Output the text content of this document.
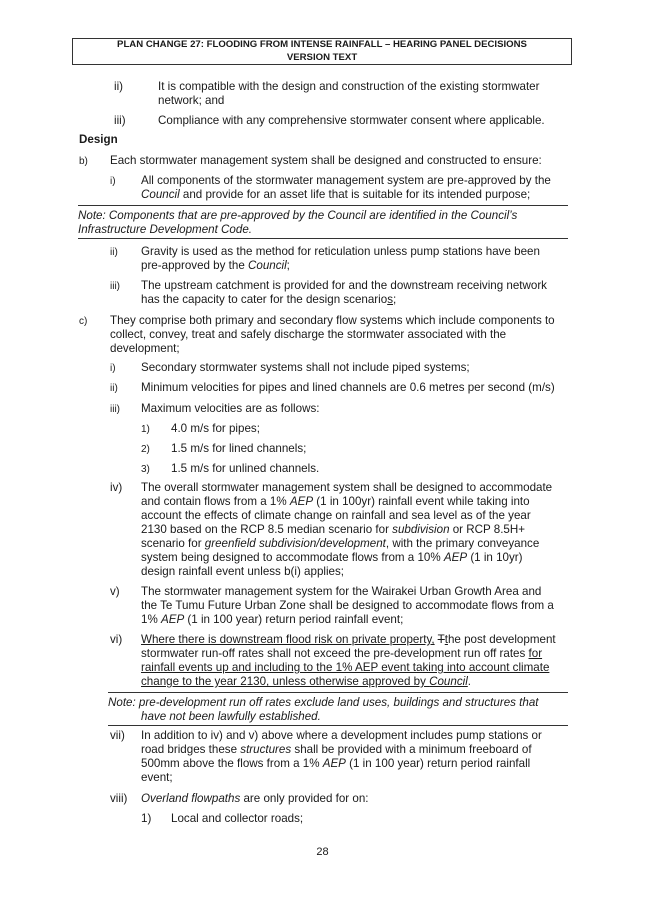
PLAN CHANGE 27: FLOODING FROM INTENSE RAINFALL – HEARING PANEL DECISIONS
VERSION TEXT
ii)	It is compatible with the design and construction of the existing stormwater
network; and
iii)	Compliance with any comprehensive stormwater consent where applicable.
Design
b) Each stormwater management system shall be designed and constructed to ensure:
i) All components of the stormwater management system are pre-approved by the
Council and provide for an asset life that is suitable for its intended purpose;
Note: Components that are pre-approved by the Council are identified in the Council’s
Infrastructure Development Code.
ii) Gravity is used as the method for reticulation unless pump stations have been
pre-approved by the Council;
iii) The upstream catchment is provided for and the downstream receiving network
has the capacity to cater for the design scenarios;
c) They comprise both primary and secondary flow systems which include components to
collect, convey, treat and safely discharge the stormwater associated with the
development;
i) Secondary stormwater systems shall not include piped systems;
ii) Minimum velocities for pipes and lined channels are 0.6 metres per second (m/s)
iii) Maximum velocities are as follows:
1) 4.0 m/s for pipes;
2) 1.5 m/s for lined channels;
3) 1.5 m/s for unlined channels.
iv) The overall stormwater management system shall be designed to accommodate
and contain flows from a 1% AEP (1 in 100yr) rainfall event while taking into
account the effects of climate change on rainfall and sea level as of the year
2130 based on the RCP 8.5 median scenario for subdivision or RCP 8.5H+
scenario for greenfield subdivision/development, with the primary conveyance
system being designed to accommodate flows from a 10% AEP (1 in 10yr)
design rainfall event unless b(i) applies;
v) The stormwater management system for the Wairakei Urban Growth Area and
the Te Tumu Future Urban Zone shall be designed to accommodate flows from a
1% AEP (1 in 100 year) return period rainfall event;
vi) Where there is downstream flood risk on private property, Tthe post development
stormwater run-off rates shall not exceed the pre-development run off rates for
rainfall events up and including to the 1% AEP event taking into account climate
change to the year 2130, unless otherwise approved by Council.
Note: pre-development run off rates exclude land uses, buildings and structures that
have not been lawfully established.
vii) In addition to iv) and v) above where a development includes pump stations or
road bridges these structures shall be provided with a minimum freeboard of
500mm above the flows from a 1% AEP (1 in 100 year) return period rainfall
event;
viii) Overland flowpaths are only provided for on:
1) Local and collector roads;
28
